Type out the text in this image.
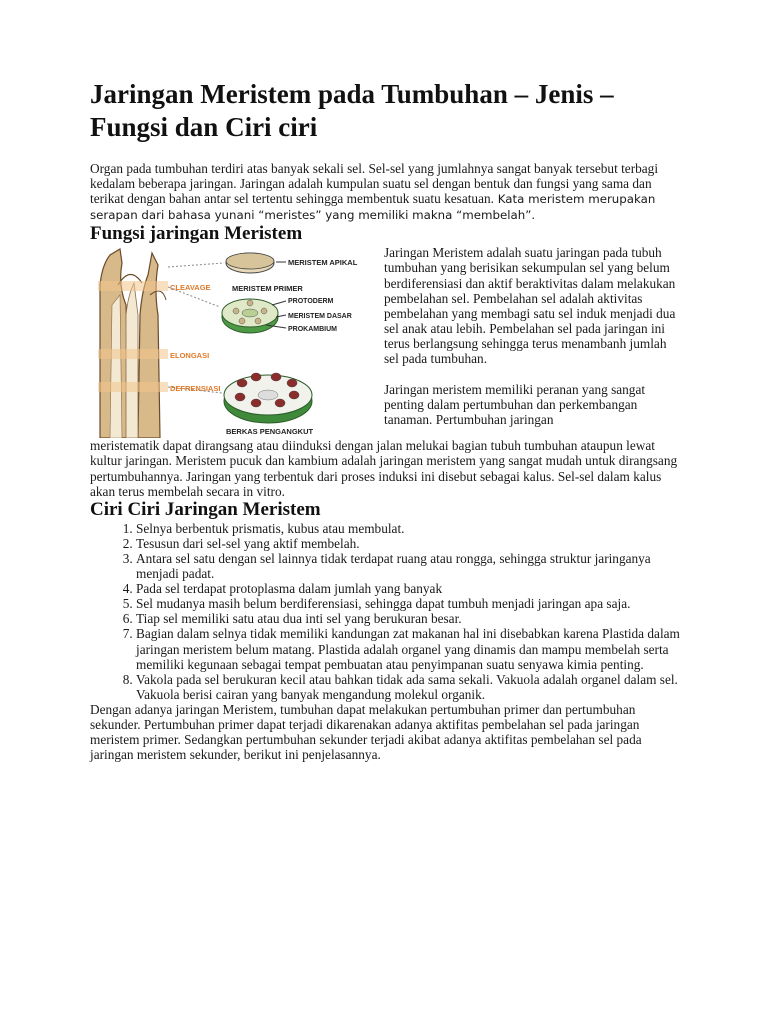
Jaringan Meristem pada Tumbuhan – Jenis – Fungsi dan Ciri ciri

Organ pada tumbuhan terdiri atas banyak sekali sel. Sel-sel yang jumlahnya sangat banyak tersebut terbagi kedalam beberapa jaringan. Jaringan adalah kumpulan suatu sel dengan bentuk dan fungsi yang sama dan terikat dengan bahan antar sel tertentu sehingga membentuk suatu kesatuan. Kata meristem merupakan serapan dari bahasa yunani “meristes” yang memiliki makna “membelah”.

Fungsi jaringan Meristem
MERISTEM APIKAL
MERISTEM PRIMER
PROTODERM
MERISTEM DASAR
PROKAMBIUM
BERKAS PENGANGKUT
CLEAVAGE
ELONGASI
DEFRENSIASI

Jaringan Meristem adalah suatu jaringan pada tubuh tumbuhan yang berisikan sekumpulan sel yang belum berdiferensiasi dan aktif beraktivitas dalam melakukan pembelahan sel. Pembelahan sel adalah aktivitas pembelahan yang membagi satu sel induk menjadi dua sel anak atau lebih. Pembelahan sel pada jaringan ini terus berlangsung sehingga terus menambanh jumlah sel pada tumbuhan.

Jaringan meristem memiliki peranan yang sangat penting dalam pertumbuhan dan perkembangan tanaman. Pertumbuhan jaringan

meristematik dapat dirangsang atau diinduksi dengan jalan melukai bagian tubuh tumbuhan ataupun lewat kultur jaringan. Meristem pucuk dan kambium adalah jaringan meristem yang sangat mudah untuk dirangsang pertumbuhannya. Jaringan yang terbentuk dari proses induksi ini disebut sebagai kalus. Sel-sel dalam kalus akan terus membelah secara in vitro.

Ciri Ciri Jaringan Meristem
1. Selnya berbentuk prismatis, kubus atau membulat.
2. Tesusun dari sel-sel yang aktif membelah.
3. Antara sel satu dengan sel lainnya tidak terdapat ruang atau rongga, sehingga struktur jaringanya menjadi padat.
4. Pada sel terdapat protoplasma dalam jumlah yang banyak
5. Sel mudanya masih belum berdiferensiasi, sehingga dapat tumbuh menjadi jaringan apa saja.
6. Tiap sel memiliki satu atau dua inti sel yang berukuran besar.
7. Bagian dalam selnya tidak memiliki kandungan zat makanan hal ini disebabkan karena Plastida dalam jaringan meristem belum matang. Plastida adalah organel yang dinamis dan mampu membelah serta memiliki kegunaan sebagai tempat pembuatan atau penyimpanan suatu senyawa kimia penting.
8. Vakola pada sel berukuran kecil atau bahkan tidak ada sama sekali. Vakuola adalah organel dalam sel. Vakuola berisi cairan yang banyak mengandung molekul organik.

Dengan adanya jaringan Meristem, tumbuhan dapat melakukan pertumbuhan primer dan pertumbuhan sekunder. Pertumbuhan primer dapat terjadi dikarenakan adanya aktifitas pembelahan sel pada jaringan meristem primer. Sedangkan pertumbuhan sekunder terjadi akibat adanya aktifitas pembelahan sel pada jaringan meristem sekunder, berikut ini penjelasannya.
